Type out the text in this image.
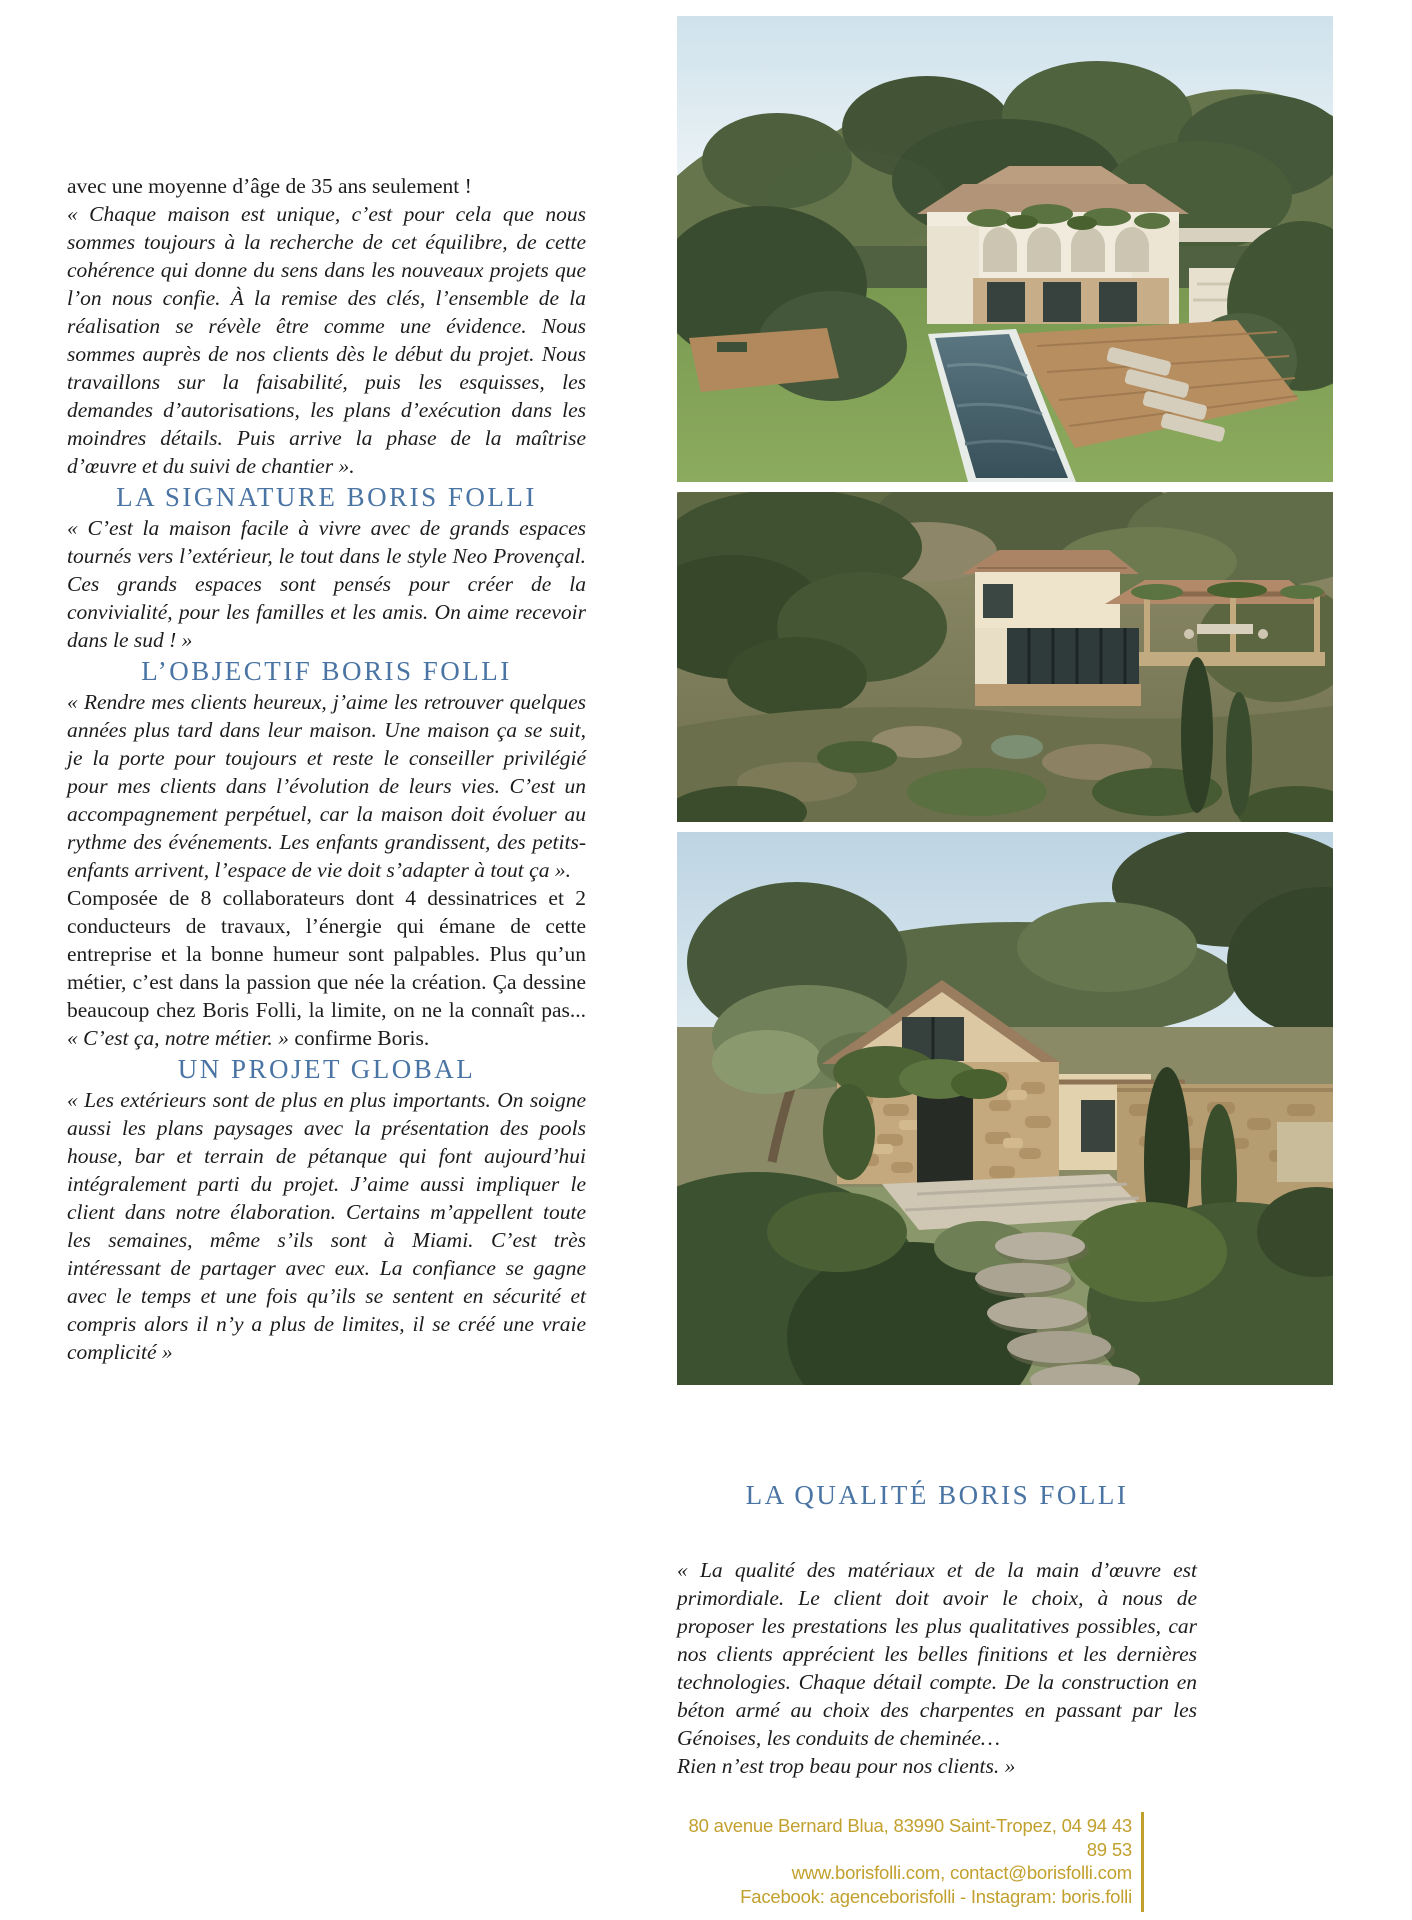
avec une moyenne d’âge de 35 ans seulement !

« Chaque maison est unique, c’est pour cela que nous sommes toujours à la recherche de cet équilibre, de cette cohérence qui donne du sens dans les nouveaux projets que l’on nous confie. À la remise des clés, l’ensemble de la réalisation se révèle être comme une évidence. Nous sommes auprès de nos clients dès le début du projet. Nous travaillons sur la faisabilité, puis les esquisses, les demandes d’autorisations, les plans d’exécution dans les moindres détails. Puis arrive la phase de la maîtrise d’œuvre et du suivi de chantier ».

LA SIGNATURE BORIS FOLLI

« C’est la maison facile à vivre avec de grands espaces tournés vers l’extérieur, le tout dans le style Neo Provençal. Ces grands espaces sont pensés pour créer de la convivialité, pour les familles et les amis. On aime recevoir dans le sud ! »

L’OBJECTIF BORIS FOLLI

« Rendre mes clients heureux, j’aime les retrouver quelques années plus tard dans leur maison. Une maison ça se suit, je la porte pour toujours et reste le conseiller privilégié pour mes clients dans l’évolution de leurs vies. C’est un accompagnement perpétuel, car la maison doit évoluer au rythme des événements. Les enfants grandissent, des petits-enfants arrivent, l’espace de vie doit s’adapter à tout ça ».

Composée de 8 collaborateurs dont 4 dessinatrices et 2 conducteurs de travaux, l’énergie qui émane de cette entreprise et la bonne humeur sont palpables. Plus qu’un métier, c’est dans la passion que née la création. Ça dessine beaucoup chez Boris Folli, la limite, on ne la connaît pas... « C’est ça, notre métier. » confirme Boris.

UN PROJET GLOBAL

« Les extérieurs sont de plus en plus importants. On soigne aussi les plans paysages avec la présentation des pools house, bar et terrain de pétanque qui font aujourd’hui intégralement parti du projet. J’aime aussi impliquer le client dans notre élaboration. Certains m’appellent toute les semaines, même s’ils sont à Miami. C’est très intéressant de partager avec eux. La confiance se gagne avec le temps et une fois qu’ils se sentent en sécurité et compris alors il n’y a plus de limites, il se créé une vraie complicité »

LA QUALITÉ BORIS FOLLI

« La qualité des matériaux et de la main d’œuvre est primordiale. Le client doit avoir le choix, à nous de proposer les prestations les plus qualitatives possibles, car nos clients apprécient les belles finitions et les dernières technologies. Chaque détail compte. De la construction en béton armé au choix des charpentes en passant par les Génoises, les conduits de cheminée…
Rien n’est trop beau pour nos clients. »

80 avenue Bernard Blua, 83990 Saint-Tropez, 04 94 43 89 53
www.borisfolli.com, contact@borisfolli.com
Facebook: agenceborisfolli - Instagram: boris.folli
